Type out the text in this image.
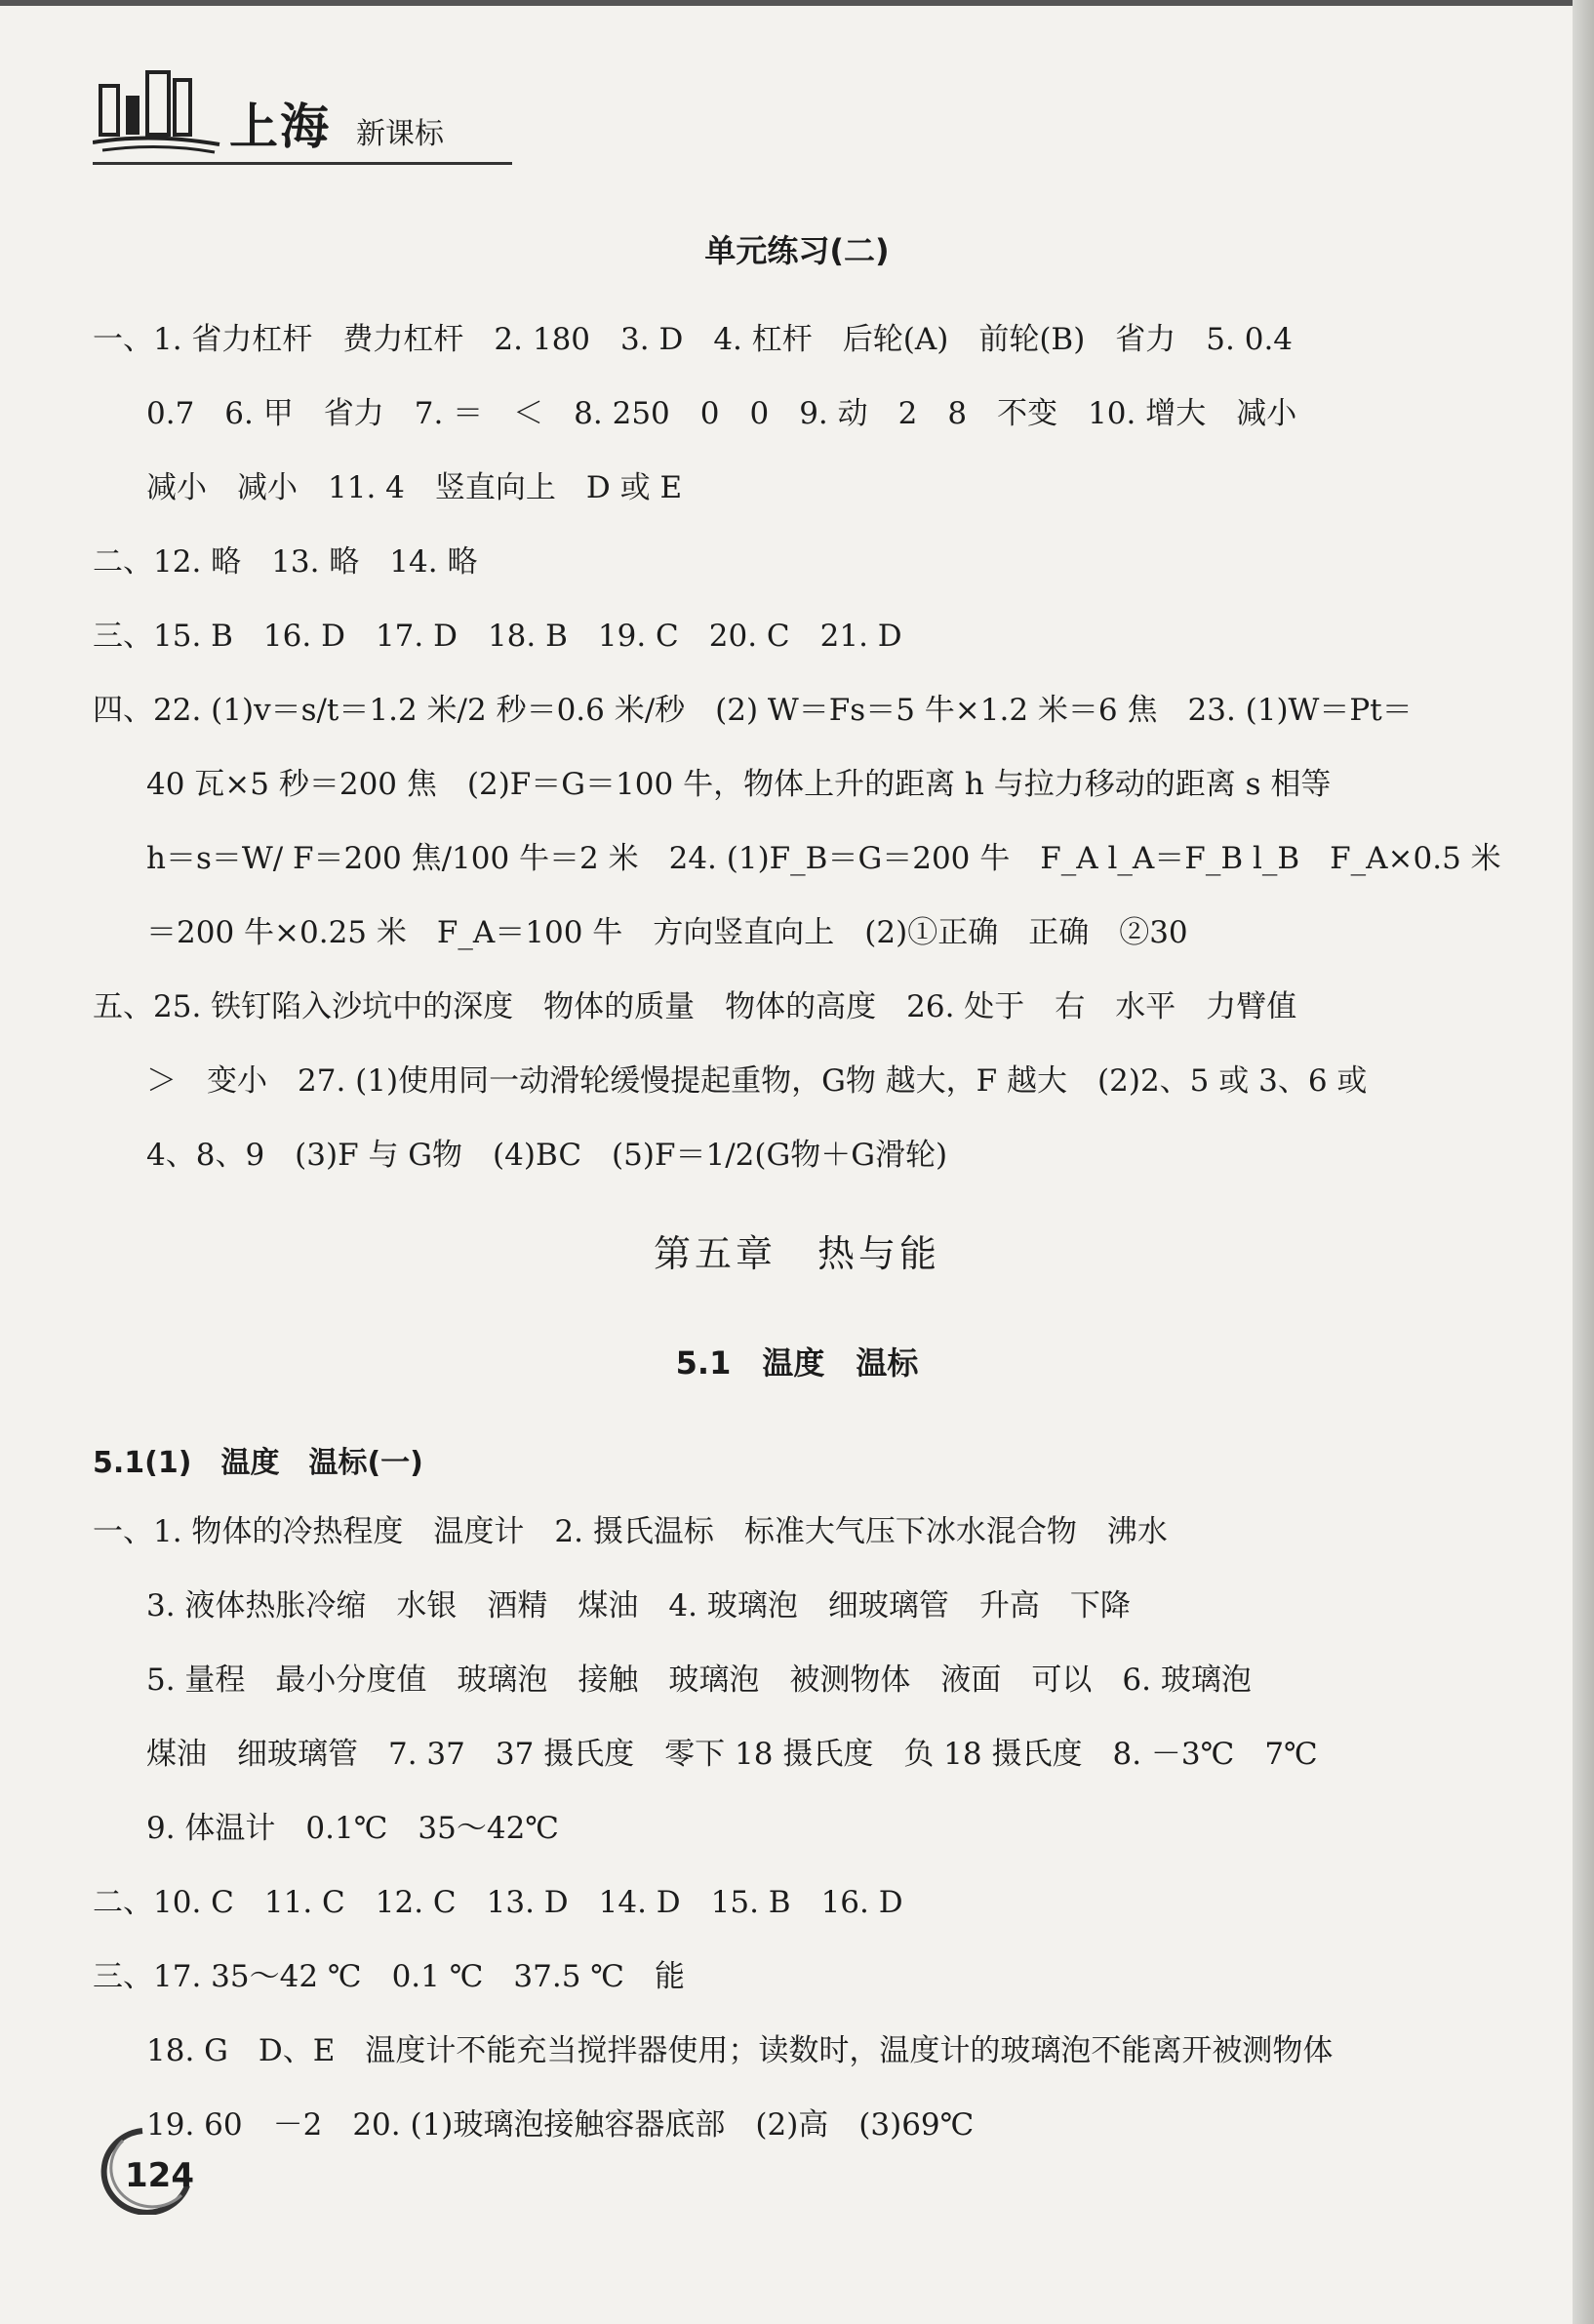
上海 新课标
单元练习(二)
一、1. 省力杠杆　费力杠杆　2. 180　3. D　4. 杠杆　后轮(A)　前轮(B)　省力　5. 0.4
0.7　6. 甲　省力　7. ＝　＜　8. 250　0　0　9. 动　2　8　不变　10. 增大　减小
减小　减小　11. 4　竖直向上　D 或 E
二、12. 略　13. 略　14. 略
三、15. B　16. D　17. D　18. B　19. C　20. C　21. D
四、22. (1)v＝s/t＝1.2 米/2 秒＝0.6 米/秒　(2) W＝Fs＝5 牛×1.2 米＝6 焦　23. (1)W＝Pt＝
40 瓦×5 秒＝200 焦　(2)F＝G＝100 牛，物体上升的距离 h 与拉力移动的距离 s 相等
h＝s＝W/ F＝200 焦/100 牛＝2 米　24. (1)F_B＝G＝200 牛　F_A l_A＝F_B l_B　F_A×0.5 米
＝200 牛×0.25 米　F_A＝100 牛　方向竖直向上　(2)①正确　正确　②30
五、25. 铁钉陷入沙坑中的深度　物体的质量　物体的高度　26. 处于　右　水平　力臂值
＞　变小　27. (1)使用同一动滑轮缓慢提起重物，G物 越大，F 越大　(2)2、5 或 3、6 或
4、8、9　(3)F 与 G物　(4)BC　(5)F＝1/2(G物＋G滑轮)
第五章　热与能
5.1　温度　温标
5.1(1)　温度　温标(一)
一、1. 物体的冷热程度　温度计　2. 摄氏温标　标准大气压下冰水混合物　沸水
3. 液体热胀冷缩　水银　酒精　煤油　4. 玻璃泡　细玻璃管　升高　下降
5. 量程　最小分度值　玻璃泡　接触　玻璃泡　被测物体　液面　可以　6. 玻璃泡
煤油　细玻璃管　7. 37　37 摄氏度　零下 18 摄氏度　负 18 摄氏度　8. －3℃　7℃
9. 体温计　0.1℃　35～42℃
二、10. C　11. C　12. C　13. D　14. D　15. B　16. D
三、17. 35～42 ℃　0.1 ℃　37.5 ℃　能
18. G　D、E　温度计不能充当搅拌器使用；读数时，温度计的玻璃泡不能离开被测物体
19. 60　－2　20. (1)玻璃泡接触容器底部　(2)高　(3)69℃
124
